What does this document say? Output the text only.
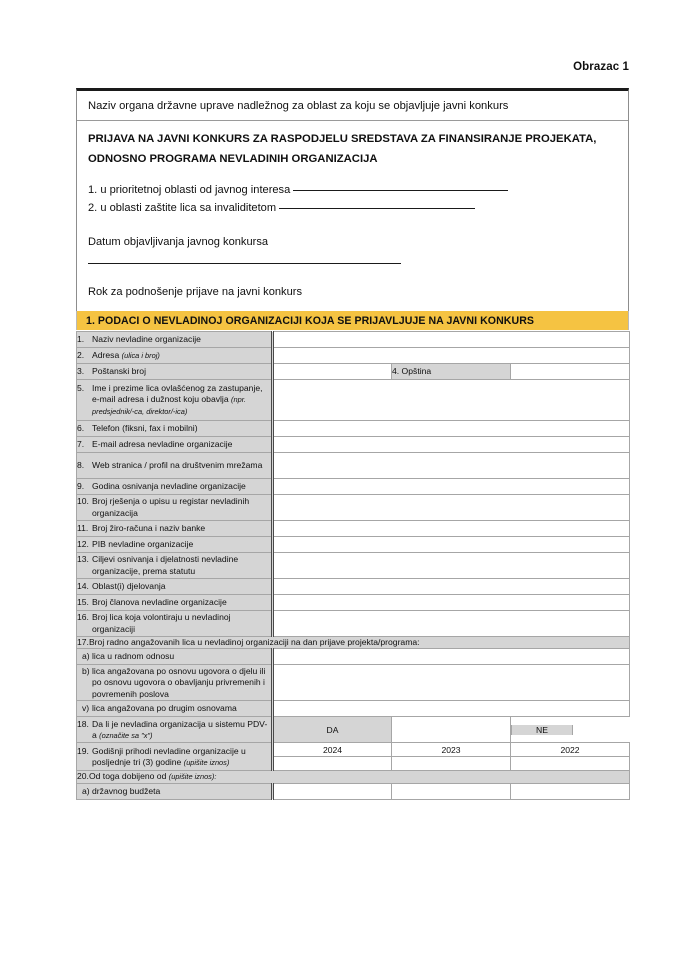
Obrazac 1
Naziv organa državne uprave nadležnog za oblast za koju se objavljuje javni konkurs
PRIJAVA NA JAVNI KONKURS ZA RASPODJELU SREDSTAVA ZA FINANSIRANJE PROJEKATA,
ODNOSNO PROGRAMA NEVLADINIH ORGANIZACIJA
1. u prioritetnoj oblasti od javnog interesa
2. u oblasti zaštite lica sa invaliditetom
Datum objavljivanja javnog konkursa
Rok za podnošenje prijave na javni konkurs
1. PODACI O NEVLADINOJ ORGANIZACIJI KOJA SE PRIJAVLJUJE NA JAVNI KONKURS
1. Naziv nevladine organizacije	
2. Adresa (ulica i broj)	
3. Poštanski broj		4. Opština	
5. Ime i prezime lica ovlašćenog za zastupanje, e-mail adresa i dužnost koju obavlja (npr. predsjednik/-ca, direktor/-ica)	
6. Telefon (fiksni, fax i mobilni)	
7. E-mail adresa nevladine organizacije	
8. Web stranica / profil na društvenim mrežama	
9. Godina osnivanja nevladine organizacije	
10. Broj rješenja o upisu u registar nevladinih organizacija	
11. Broj žiro-računa i naziv banke	
12. PIB nevladine organizacije	
13. Ciljevi osnivanja i djelatnosti nevladine organizacije, prema statutu	
14. Oblast(i) djelovanja	
15. Broj članova nevladine organizacije	
16. Broj lica koja volontiraju u nevladinoj organizaciji	
17.Broj radno angažovanih lica u nevladinoj organizaciji na dan prijave projekta/programa:
a) lica u radnom odnosu	
b) lica angažovana po osnovu ugovora o djelu ili po osnovu ugovora o obavljanju privremenih i povremenih poslova	
v) lica angažovana po drugim osnovama	
18. Da li je nevladina organizacija u sistemu PDV-a (označite sa "x")	DA			NE	

19. Godišnji prihodi nevladine organizacije u posljednje tri (3) godine (upišite iznos)	2024	2023	2022

20.Od toga dobijeno od (upišite iznos):
a) državnog budžeta			
